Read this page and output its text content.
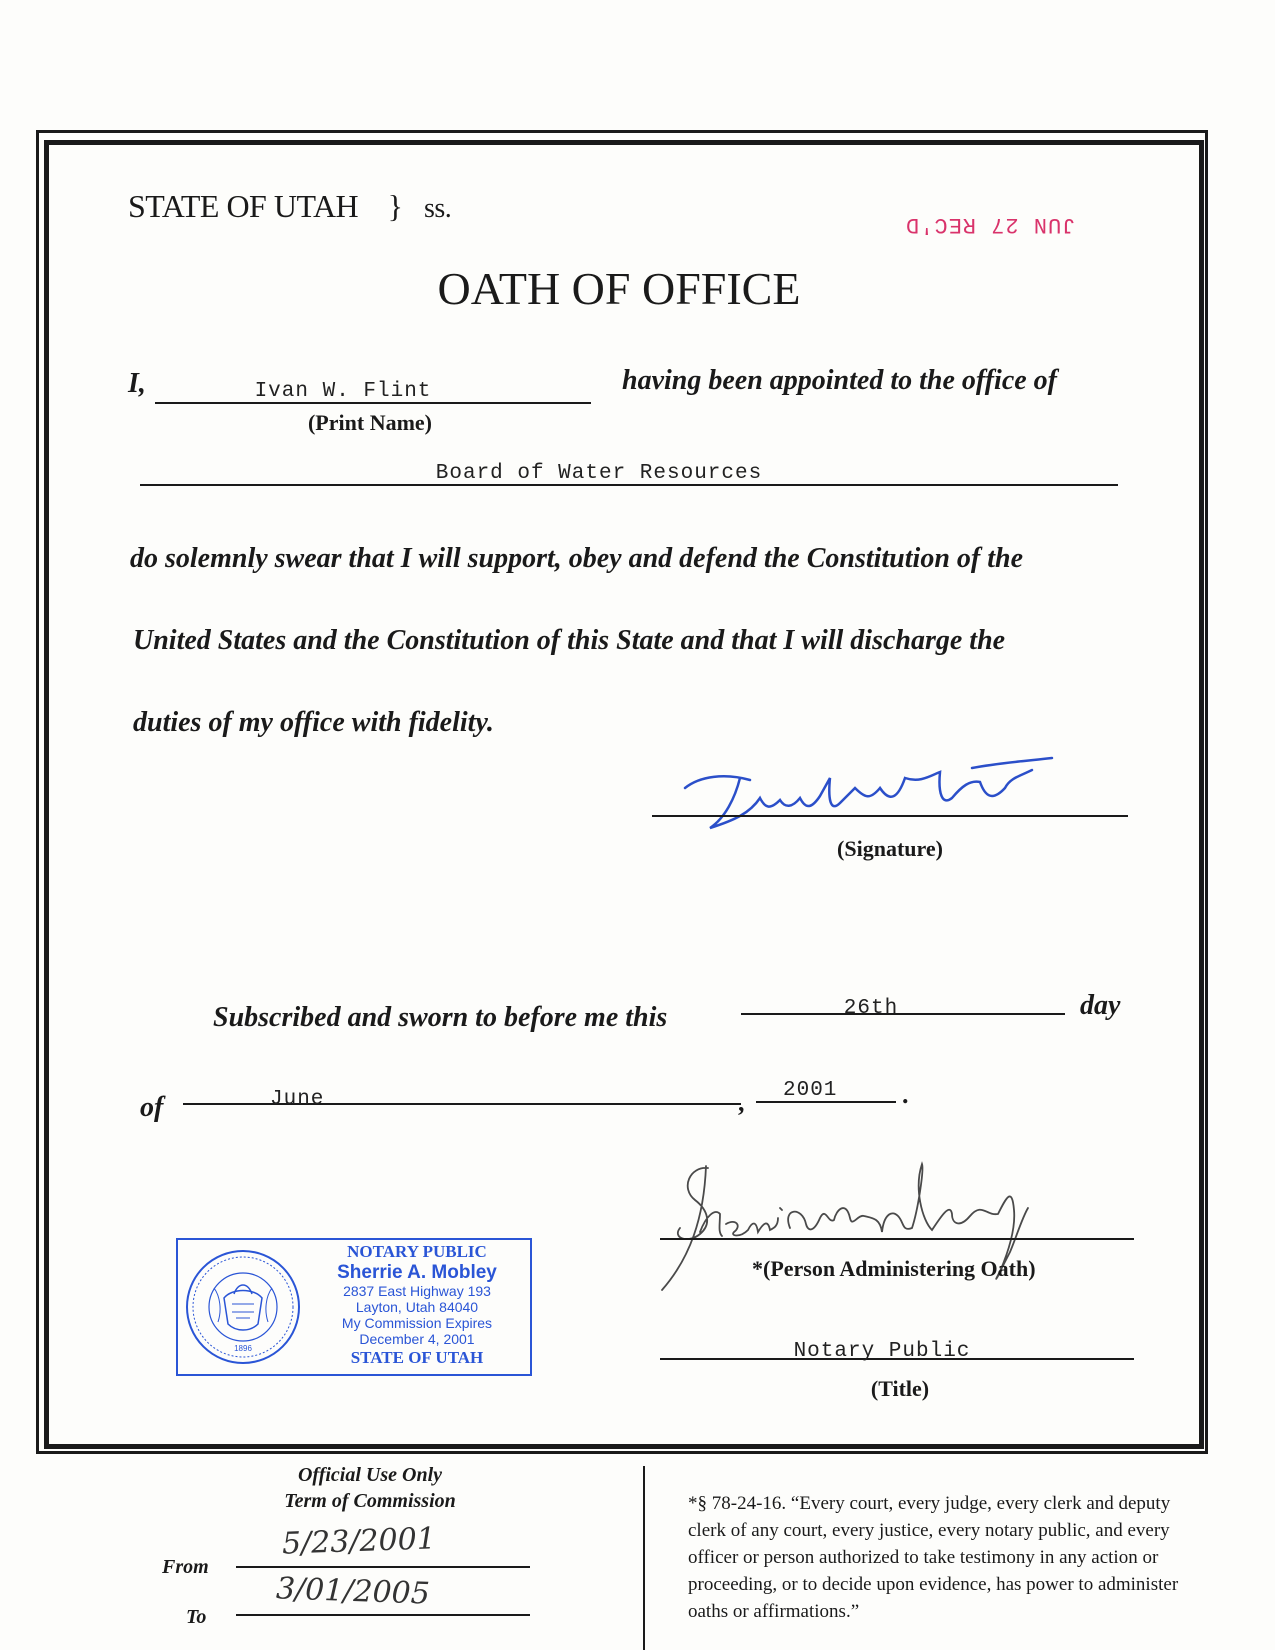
STATE OF UTAH } ss.
JUN 27 REC'D
OATH OF OFFICE
I,	Ivan W. Flint
(Print Name)
having been appointed to the office of
Board of Water Resources
do solemnly swear that I will support, obey and defend the Constitution of the
United States and the Constitution of this State and that I will discharge the
duties of my office with fidelity.
(Signature)
Subscribed and sworn to before me this	26th	day
of	June	, 2001 .
*(Person Administering Oath)
Notary Public
(Title)
1896
NOTARY PUBLIC
Sherrie A. Mobley
2837 East Highway 193
Layton, Utah 84040
My Commission Expires
December 4, 2001
STATE OF UTAH
Official Use Only
Term of Commission
From
5/23/2001
To
3/01/2005
*§ 78-24-16. “Every court, every judge, every clerk and deputy clerk of any court, every justice, every notary public, and every officer or person authorized to take testimony in any action or proceeding, or to decide upon evidence, has power to administer oaths or affirmations.”
